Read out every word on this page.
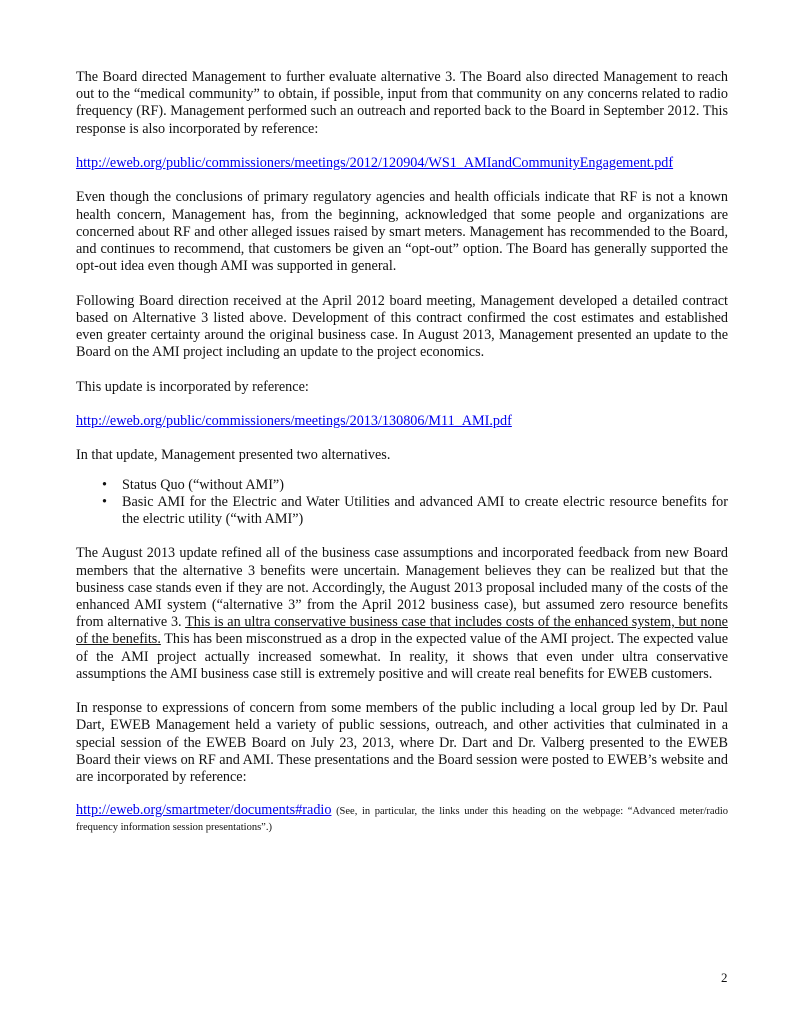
The Board directed Management to further evaluate alternative 3. The Board also directed Management to reach out to the “medical community” to obtain, if possible, input from that community on any concerns related to radio frequency (RF). Management performed such an outreach and reported back to the Board in September 2012. This response is also incorporated by reference:

http://eweb.org/public/commissioners/meetings/2012/120904/WS1_AMIandCommunityEngagement.pdf

Even though the conclusions of primary regulatory agencies and health officials indicate that RF is not a known health concern, Management has, from the beginning, acknowledged that some people and organizations are concerned about RF and other alleged issues raised by smart meters. Management has recommended to the Board, and continues to recommend, that customers be given an “opt-out” option. The Board has generally supported the opt-out idea even though AMI was supported in general.

Following Board direction received at the April 2012 board meeting, Management developed a detailed contract based on Alternative 3 listed above. Development of this contract confirmed the cost estimates and established even greater certainty around the original business case. In August 2013, Management presented an update to the Board on the AMI project including an update to the project economics.

This update is incorporated by reference:

http://eweb.org/public/commissioners/meetings/2013/130806/M11_AMI.pdf

In that update, Management presented two alternatives.

• Status Quo (“without AMI”)
• Basic AMI for the Electric and Water Utilities and advanced AMI to create electric resource benefits for the electric utility (“with AMI”)

The August 2013 update refined all of the business case assumptions and incorporated feedback from new Board members that the alternative 3 benefits were uncertain. Management believes they can be realized but that the business case stands even if they are not. Accordingly, the August 2013 proposal included many of the costs of the enhanced AMI system (“alternative 3” from the April 2012 business case), but assumed zero resource benefits from alternative 3. This is an ultra conservative business case that includes costs of the enhanced system, but none of the benefits. This has been misconstrued as a drop in the expected value of the AMI project. The expected value of the AMI project actually increased somewhat. In reality, it shows that even under ultra conservative assumptions the AMI business case still is extremely positive and will create real benefits for EWEB customers.

In response to expressions of concern from some members of the public including a local group led by Dr. Paul Dart, EWEB Management held a variety of public sessions, outreach, and other activities that culminated in a special session of the EWEB Board on July 23, 2013, where Dr. Dart and Dr. Valberg presented to the EWEB Board their views on RF and AMI. These presentations and the Board session were posted to EWEB’s website and are incorporated by reference:

http://eweb.org/smartmeter/documents#radio (See, in particular, the links under this heading on the webpage: “Advanced meter/radio frequency information session presentations”.)

2
